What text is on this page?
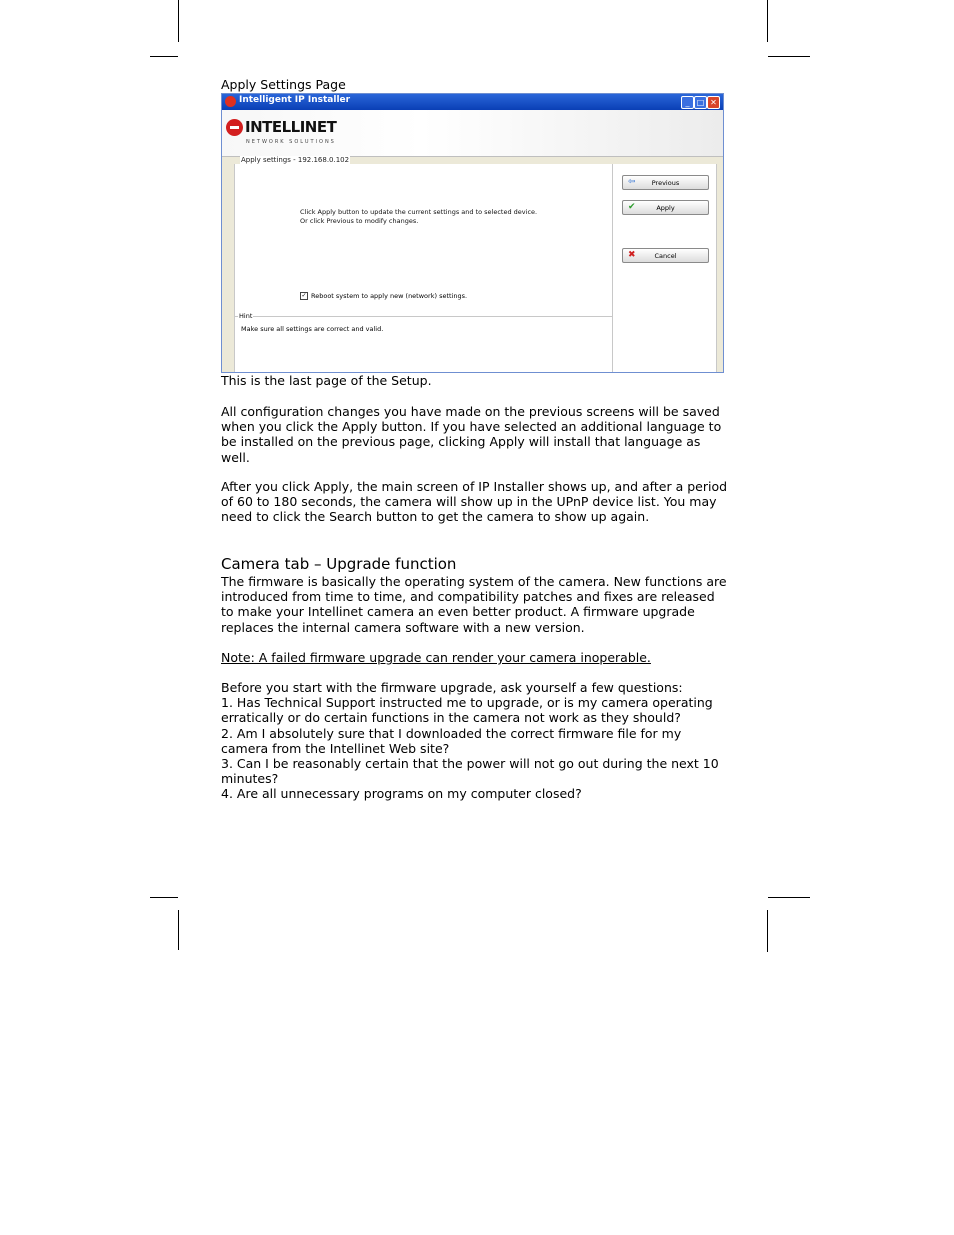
Apply Settings Page
Intelligent IP Installer	_ □ ✕
INTELLINET
NETWORK SOLUTIONS
Apply settings - 192.168.0.102
Click Apply button to update the current settings and to selected device. Or click Previous to modify changes.
✓ Reboot system to apply new (network) settings.
Hint
Make sure all settings are correct and valid.
⇦	Previous
✔	Apply
✖	Cancel
This is the last page of the Setup.
All configuration changes you have made on the previous screens will be saved when you click the Apply button. If you have selected an additional language to be installed on the previous page, clicking Apply will install that language as well.
After you click Apply, the main screen of IP Installer shows up, and after a period of 60 to 180 seconds, the camera will show up in the UPnP device list. You may need to click the Search button to get the camera to show up again.
Camera tab – Upgrade function
The firmware is basically the operating system of the camera. New functions are introduced from time to time, and compatibility patches and fixes are released to make your Intellinet camera an even better product. A firmware upgrade replaces the internal camera software with a new version.
Note: A failed firmware upgrade can render your camera inoperable.
Before you start with the firmware upgrade, ask yourself a few questions:
1. Has Technical Support instructed me to upgrade, or is my camera operating erratically or do certain functions in the camera not work as they should?
2. Am I absolutely sure that I downloaded the correct firmware file for my camera from the Intellinet Web site?
3. Can I be reasonably certain that the power will not go out during the next 10 minutes?
4. Are all unnecessary programs on my computer closed?
